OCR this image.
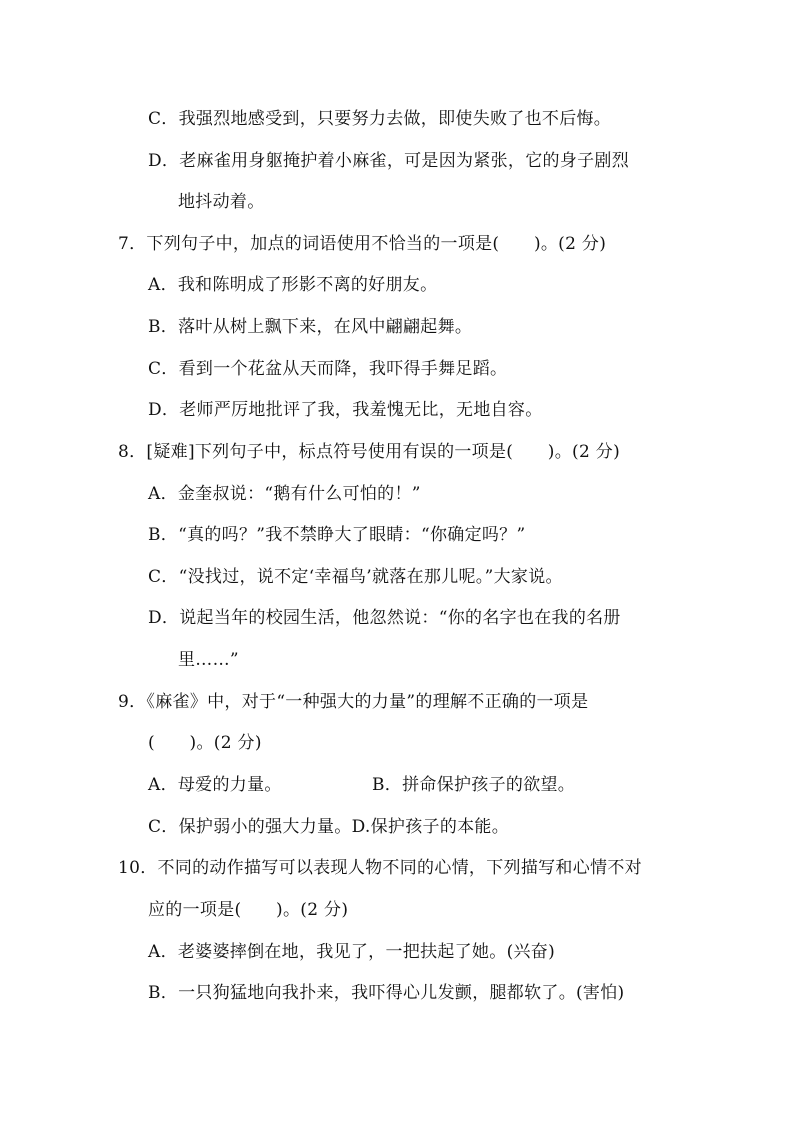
C．我强烈地感受到，只要努力去做，即使失败了也不后悔。
D．老麻雀用身躯掩护着小麻雀，可是因为紧张，它的身子剧烈
地抖动着。
7．下列句子中，加点的词语使用不恰当的一项是(　　)。(2 分)
A．我和陈明成了形影不离的好朋友。
B．落叶从树上飘下来，在风中翩翩起舞。
C．看到一个花盆从天而降，我吓得手舞足蹈。
D．老师严厉地批评了我，我羞愧无比，无地自容。
8．[疑难]下列句子中，标点符号使用有误的一项是(　　)。(2 分)
A．金奎叔说：“鹅有什么可怕的！”
B．“真的吗？”我不禁睁大了眼睛：“你确定吗？”
C．“没找过，说不定‘幸福鸟’就落在那儿呢。”大家说。
D．说起当年的校园生活，他忽然说：“你的名字也在我的名册
里……”
9．《麻雀》中，对于“一种强大的力量”的理解不正确的一项是
(　　)。(2 分)
A．母爱的力量。	B．拼命保护孩子的欲望。
C．保护弱小的强大力量。D.保护孩子的本能。
10．不同的动作描写可以表现人物不同的心情，下列描写和心情不对
应的一项是(　　)。(2 分)
A．老婆婆摔倒在地，我见了，一把扶起了她。(兴奋)
B．一只狗猛地向我扑来，我吓得心儿发颤，腿都软了。(害怕)
